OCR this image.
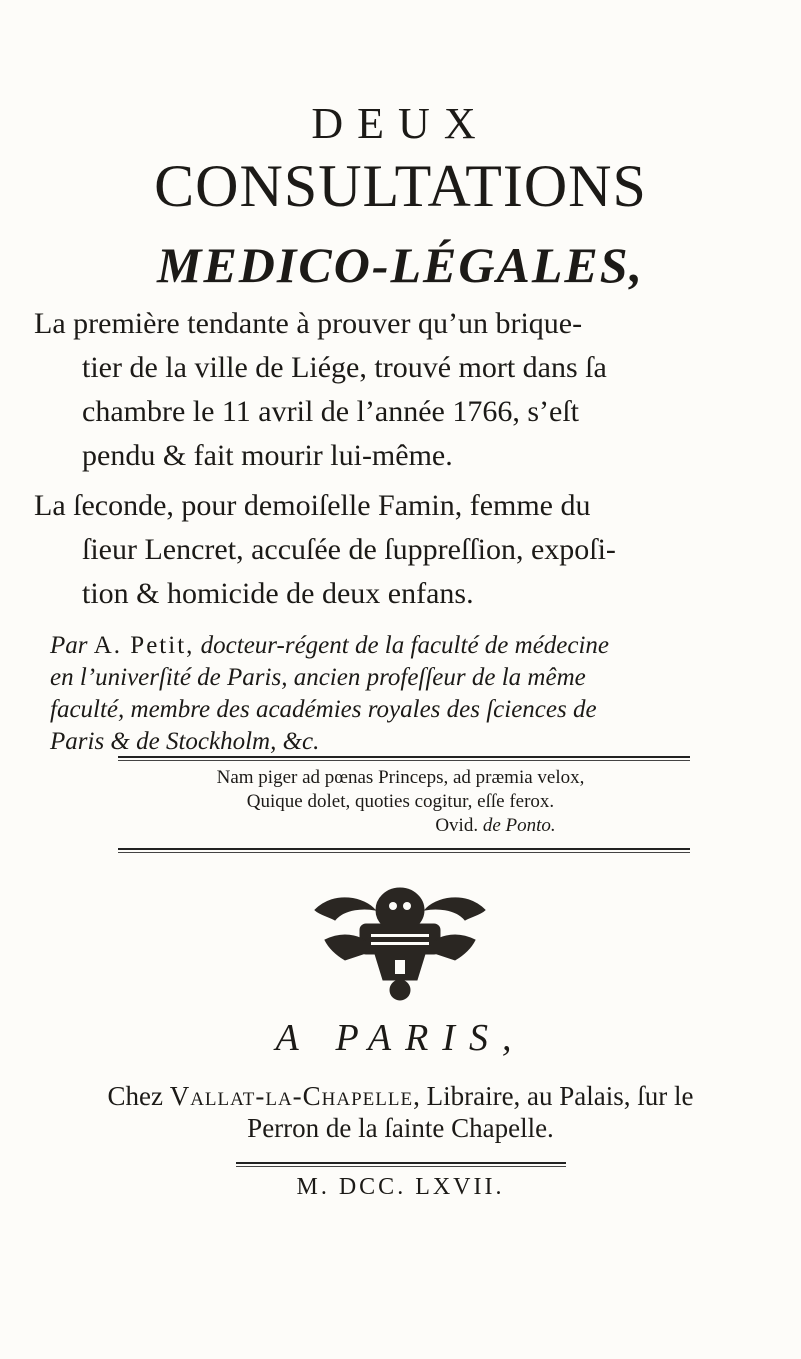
DEUX
CONSULTATIONS
MEDICO-LÉGALES,
La première tendante à prouver qu’un brique-
tier de la ville de Liége, trouvé mort dans ſa
chambre le 11 avril de l’année 1766, s’eſt
pendu & fait mourir lui-même.
La ſeconde, pour demoiſelle Famin, femme du
ſieur Lencret, accuſée de ſuppreſſion, expoſi-
tion & homicide de deux enfans.
Par A. Petit, docteur-régent de la faculté de médecine
en l’univerſité de Paris, ancien profeſſeur de la même
faculté, membre des académies royales des ſciences de
Paris & de Stockholm, &c.
Nam piger ad pœnas Princeps, ad præmia velox,
Quique dolet, quoties cogitur, eſſe ferox.
Ovid. de Ponto.
A PARIS,
Chez Vallat-la-Chapelle, Libraire, au Palais, ſur le
Perron de la ſainte Chapelle.
M. DCC. LXVII.
